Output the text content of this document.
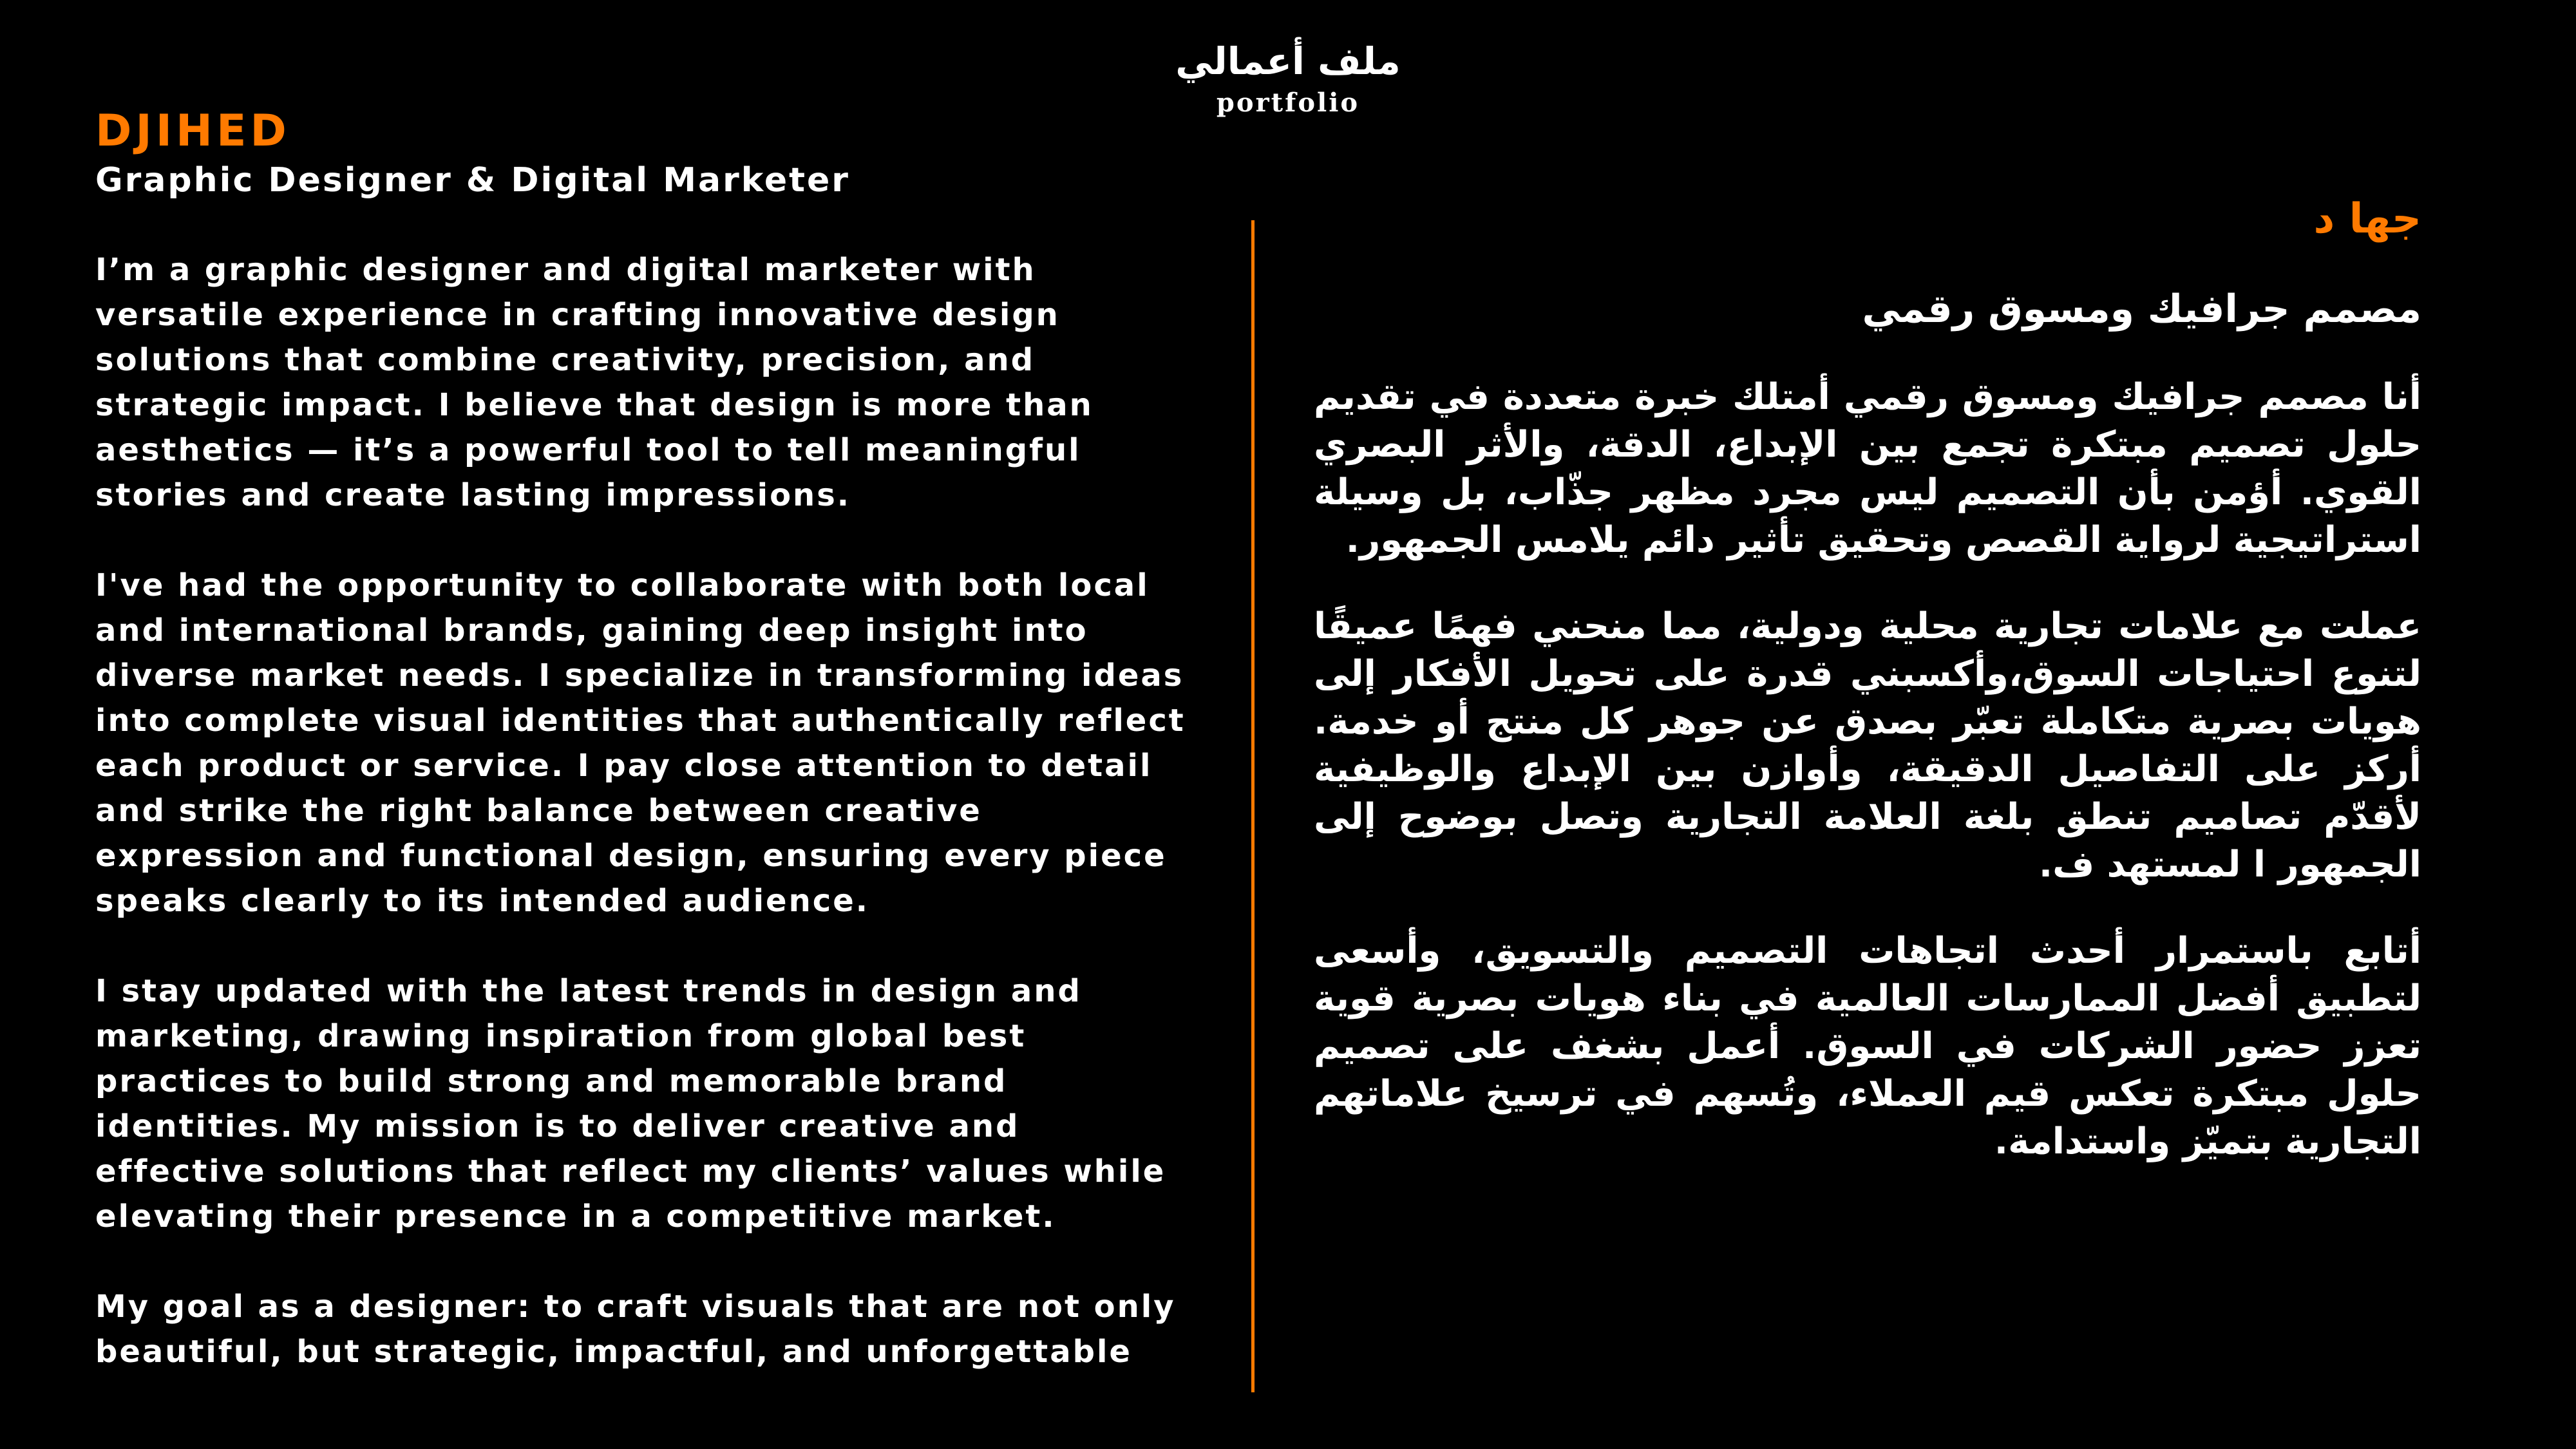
ملف أعمالي
portfolio
DJIHED
Graphic Designer & Digital Marketer

I’m a graphic designer and digital marketer with
versatile experience in crafting innovative design
solutions that combine creativity, precision, and
strategic impact. I believe that design is more than
aesthetics — it’s a powerful tool to tell meaningful
stories and create lasting impressions.

I've had the opportunity to collaborate with both local
and international brands, gaining deep insight into
diverse market needs. I specialize in transforming ideas
into complete visual identities that authentically reflect
each product or service. I pay close attention to detail
and strike the right balance between creative
expression and functional design, ensuring every piece
speaks clearly to its intended audience.

I stay updated with the latest trends in design and
marketing, drawing inspiration from global best
practices to build strong and memorable brand
identities. My mission is to deliver creative and
effective solutions that reflect my clients’ values while
elevating their presence in a competitive market.

My goal as a designer: to craft visuals that are not only
beautiful, but strategic, impactful, and unforgettable

جها د
مصمم جرافيك ومسوق رقمي

أنا مصمم جرافيك ومسوق رقمي أمتلك خبرة متعددة في تقديم حلول تصميم مبتكرة تجمع بين الإبداع، الدقة، والأثر البصري القوي. أؤمن بأن التصميم ليس مجرد مظهر جذّاب، بل وسيلة استراتيجية لرواية القصص وتحقيق تأثير دائم يلامس الجمهور.

عملت مع علامات تجارية محلية ودولية، مما منحني فهمًا عميقًا لتنوع احتياجات السوق،وأكسبني قدرة على تحويل الأفكار إلى هويات بصرية متكاملة تعبّر بصدق عن جوهر كل منتج أو خدمة. أركز على التفاصيل الدقيقة، وأوازن بين الإبداع والوظيفية لأقدّم تصاميم تنطق بلغة العلامة التجارية وتصل بوضوح إلى الجمهور ا لمستهد ف.

أتابع باستمرار أحدث اتجاهات التصميم والتسويق، وأسعى لتطبيق أفضل الممارسات العالمية في بناء هويات بصرية قوية تعزز حضور الشركات في السوق. أعمل بشغف على تصميم حلول مبتكرة تعكس قيم العملاء، وتُسهم في ترسيخ علاماتهم التجارية بتميّز واستدامة.
